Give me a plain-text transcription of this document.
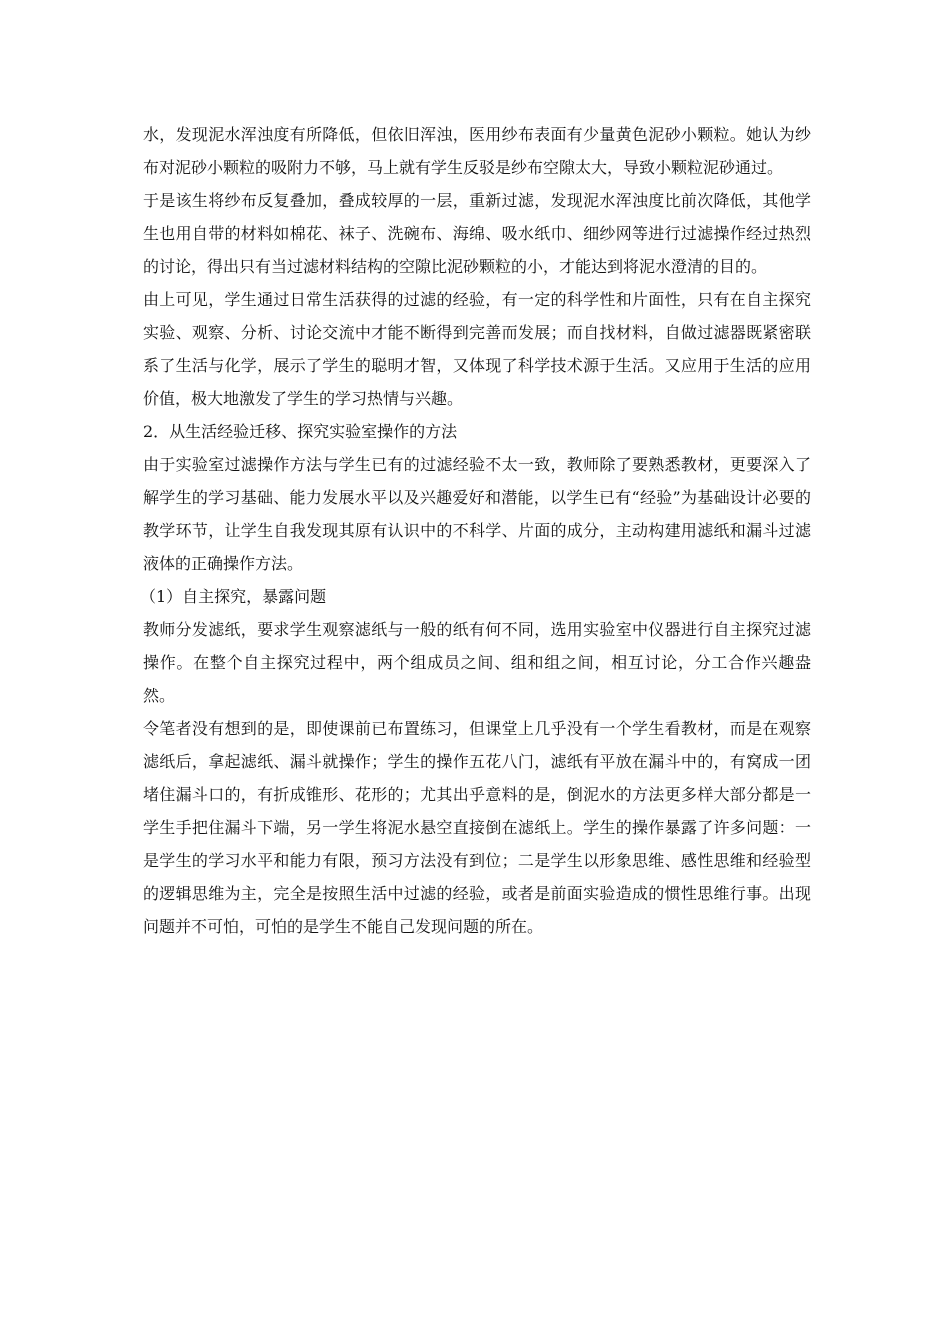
水，发现泥水浑浊度有所降低，但依旧浑浊，医用纱布表面有少量黄色泥砂小颗粒。她认为纱布对泥砂小颗粒的吸附力不够，马上就有学生反驳是纱布空隙太大，导致小颗粒泥砂通过。

于是该生将纱布反复叠加，叠成较厚的一层，重新过滤，发现泥水浑浊度比前次降低，其他学生也用自带的材料如棉花、袜子、洗碗布、海绵、吸水纸巾、细纱网等进行过滤操作经过热烈的讨论，得出只有当过滤材料结构的空隙比泥砂颗粒的小，才能达到将泥水澄清的目的。

由上可见，学生通过日常生活获得的过滤的经验，有一定的科学性和片面性，只有在自主探究实验、观察、分析、讨论交流中才能不断得到完善而发展；而自找材料，自做过滤器既紧密联系了生活与化学，展示了学生的聪明才智，又体现了科学技术源于生活。又应用于生活的应用价值，极大地激发了学生的学习热情与兴趣。

2．从生活经验迁移、探究实验室操作的方法

由于实验室过滤操作方法与学生已有的过滤经验不太一致，教师除了要熟悉教材，更要深入了解学生的学习基础、能力发展水平以及兴趣爱好和潜能，以学生已有“经验”为基础设计必要的教学环节，让学生自我发现其原有认识中的不科学、片面的成分，主动构建用滤纸和漏斗过滤液体的正确操作方法。

（1）自主探究，暴露问题

教师分发滤纸，要求学生观察滤纸与一般的纸有何不同，选用实验室中仪器进行自主探究过滤操作。在整个自主探究过程中，两个组成员之间、组和组之间，相互讨论，分工合作兴趣盎然。

令笔者没有想到的是，即使课前已布置练习，但课堂上几乎没有一个学生看教材，而是在观察滤纸后，拿起滤纸、漏斗就操作；学生的操作五花八门，滤纸有平放在漏斗中的，有窝成一团堵住漏斗口的，有折成锥形、花形的；尤其出乎意料的是，倒泥水的方法更多样大部分都是一学生手把住漏斗下端，另一学生将泥水悬空直接倒在滤纸上。学生的操作暴露了许多问题：一是学生的学习水平和能力有限，预习方法没有到位；二是学生以形象思维、感性思维和经验型的逻辑思维为主，完全是按照生活中过滤的经验，或者是前面实验造成的惯性思维行事。出现问题并不可怕，可怕的是学生不能自己发现问题的所在。
